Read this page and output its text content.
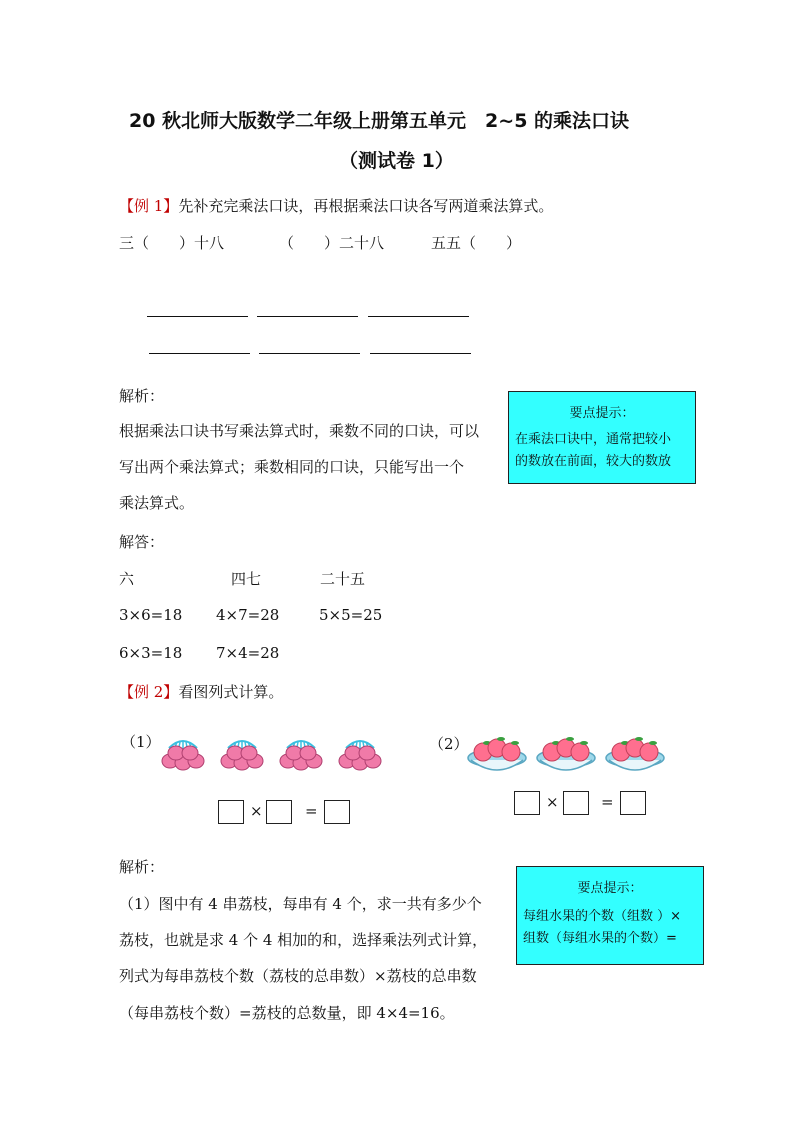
20 秋北师大版数学二年级上册第五单元　2~5 的乘法口诀
（测试卷 1）
【例 1】先补充完乘法口诀，再根据乘法口诀各写两道乘法算式。
三（　　）十八	（　　）二十八	五五（　　）
解析：
根据乘法口诀书写乘法算式时，乘数不同的口诀，可以
写出两个乘法算式；乘数相同的口诀，只能写出一个
乘法算式。
要点提示：
在乘法口诀中，通常把较小
的数放在前面，较大的数放
解答：
六	四七	二十五
3×6=18 4×7=28	5×5=25
6×3=18 7×4=28
【例 2】看图列式计算。
（1）	（2）
×	=	×	=
解析：
（1）图中有 4 串荔枝，每串有 4 个，求一共有多少个
荔枝，也就是求 4 个 4 相加的和，选择乘法列式计算，
列式为每串荔枝个数（荔枝的总串数）×荔枝的总串数
（每串荔枝个数）=荔枝的总数量，即 4×4=16。
要点提示：
每组水果的个数（组数 ）×
组数（每组水果的个数）=
